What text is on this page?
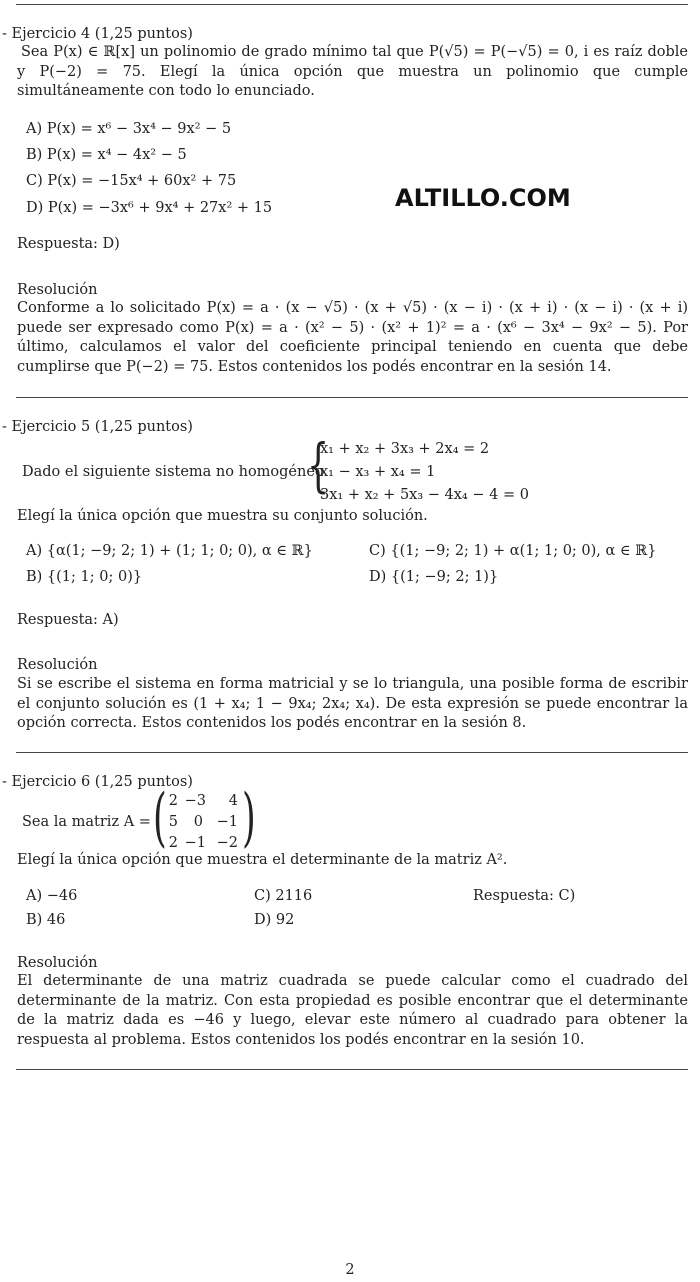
- Ejercicio 4 (1,25 puntos)
Sea P(x) ∈ ℝ[x] un polinomio de grado mínimo tal que P(√5) = P(−√5) = 0, i es raíz doble y P(−2) = 75. Elegí la única opción que muestra un polinomio que cumple simultáneamente con todo lo enunciado.
A) P(x) = x⁶ − 3x⁴ − 9x² − 5
B) P(x) = x⁴ − 4x² − 5
C) P(x) = −15x⁴ + 60x² + 75
D) P(x) = −3x⁶ + 9x⁴ + 27x² + 15	ALTILLO.COM
Respuesta: D)
Resolución
Conforme a lo solicitado P(x) = a · (x − √5) · (x + √5) · (x − i) · (x + i) · (x − i) · (x + i) puede ser expresado como P(x) = a · (x² − 5) · (x² + 1)² = a · (x⁶ − 3x⁴ − 9x² − 5). Por último, calculamos el valor del coeficiente principal teniendo en cuenta que debe cumplirse que P(−2) = 75. Estos contenidos los podés encontrar en la sesión 14.
- Ejercicio 5 (1,25 puntos)
Dado el siguiente sistema no homogéneo
{
x₁ + x₂ + 3x₃ + 2x₄ = 2
x₁ − x₃ + x₄ = 1
3x₁ + x₂ + 5x₃ − 4x₄ − 4 = 0
Elegí la única opción que muestra su conjunto solución.
A) {α(1; −9; 2; 1) + (1; 1; 0; 0), α ∈ ℝ}	C) {(1; −9; 2; 1) + α(1; 1; 0; 0), α ∈ ℝ}
B) {(1; 1; 0; 0)}	D) {(1; −9; 2; 1)}
Respuesta: A)
Resolución
Si se escribe el sistema en forma matricial y se lo triangula, una posible forma de escribir el conjunto solución es (1 + x₄; 1 − 9x₄; 2x₄; x₄). De esta expresión se puede encontrar la opción correcta. Estos contenidos los podés encontrar en la sesión 8.
- Ejercicio 6 (1,25 puntos)
Sea la matriz A = ( 2 −3	4
5	0 −1
2 −1 −2 )
Elegí la única opción que muestra el determinante de la matriz A².
A) −46	C) 2116	Respuesta: C)
B) 46	D) 92
Resolución
El determinante de una matriz cuadrada se puede calcular como el cuadrado del determinante de la matriz. Con esta propiedad es posible encontrar que el determinante de la matriz dada es −46 y luego, elevar este número al cuadrado para obtener la respuesta al problema. Estos contenidos los podés encontrar en la sesión 10.
2
